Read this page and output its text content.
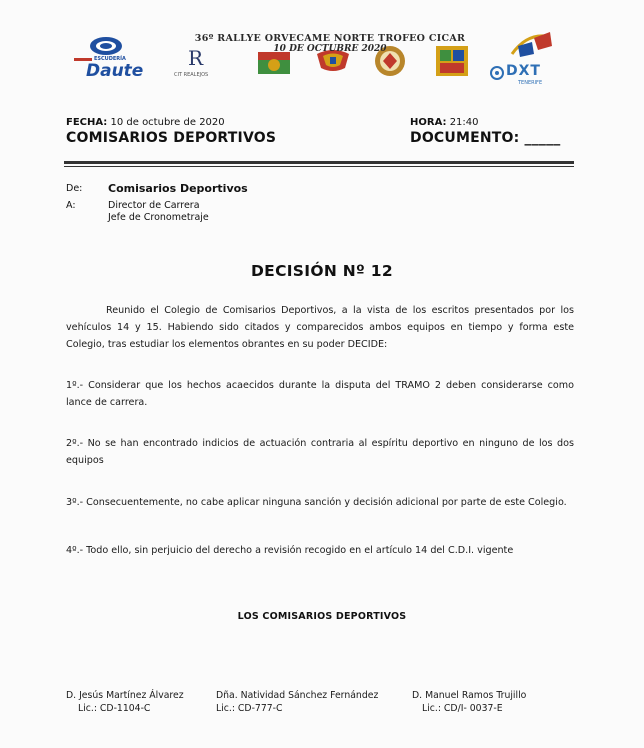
ESCUDERÍA
Daute
R
CIT REALEJOS	DXT
TENERIFE
36º RALLYE ORVECAME NORTE TROFEO CICAR
10 DE OCTUBRE 2020
FECHA: 10 de octubre de 2020	HORA: 21:40
COMISARIOS DEPORTIVOS	DOCUMENTO: _____
De: Comisarios Deportivos
A:	Director de Carrera
Jefe de Cronometraje
DECISIÓN Nº 12
Reunido el Colegio de Comisarios Deportivos, a la vista de los escritos presentados por los vehículos 14 y 15. Habiendo sido citados y comparecidos ambos equipos en tiempo y forma este Colegio, tras estudiar los elementos obrantes en su poder DECIDE:
1º.- Considerar que los hechos acaecidos durante la disputa del TRAMO 2 deben considerarse como lance de carrera.
2º.- No se han encontrado indicios de actuación contraria al espíritu deportivo en ninguno de los dos equipos
3º.- Consecuentemente, no cabe aplicar ninguna sanción y decisión adicional por parte de este Colegio.
4º.- Todo ello, sin perjuicio del derecho a revisión recogido en el artículo 14 del C.D.I. vigente
LOS COMISARIOS DEPORTIVOS
D. Jesús Martínez Álvarez
Lic.: CD-1104-C
Dña. Natividad Sánchez Fernández
Lic.: CD-777-C
D. Manuel Ramos Trujillo
Lic.: CD/I- 0037-E
